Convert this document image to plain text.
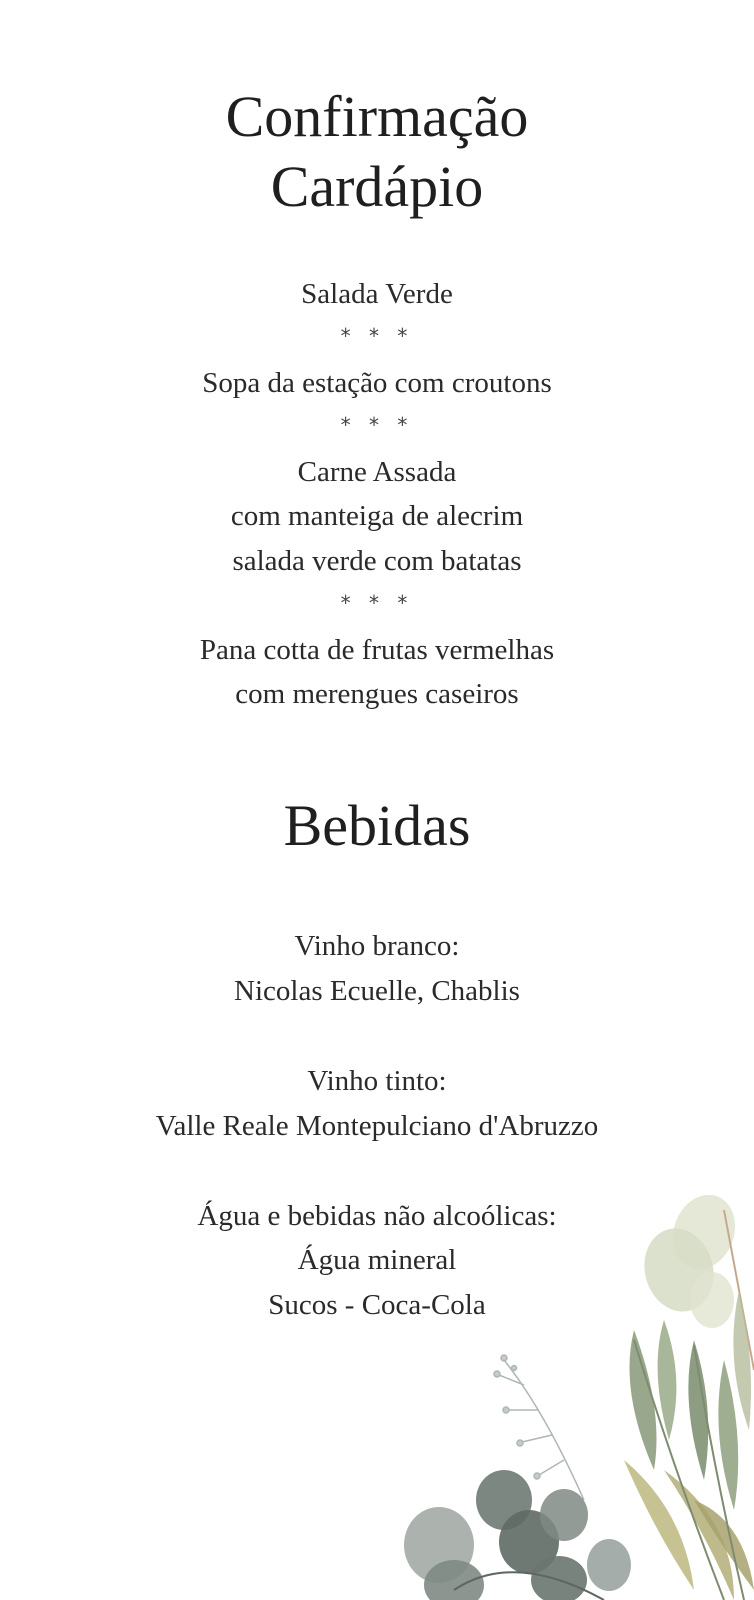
Confirmação
Cardápio
Salada Verde
* * *
Sopa da estação com croutons
* * *
Carne Assada
com manteiga de alecrim
salada verde com batatas
* * *
Pana cotta de frutas vermelhas
com merengues caseiros
Bebidas
Vinho branco:
Nicolas Ecuelle, Chablis
Vinho tinto:
Valle Reale Montepulciano d'Abruzzo
Água e bebidas não alcoólicas:
Água mineral
Sucos - Coca-Cola
